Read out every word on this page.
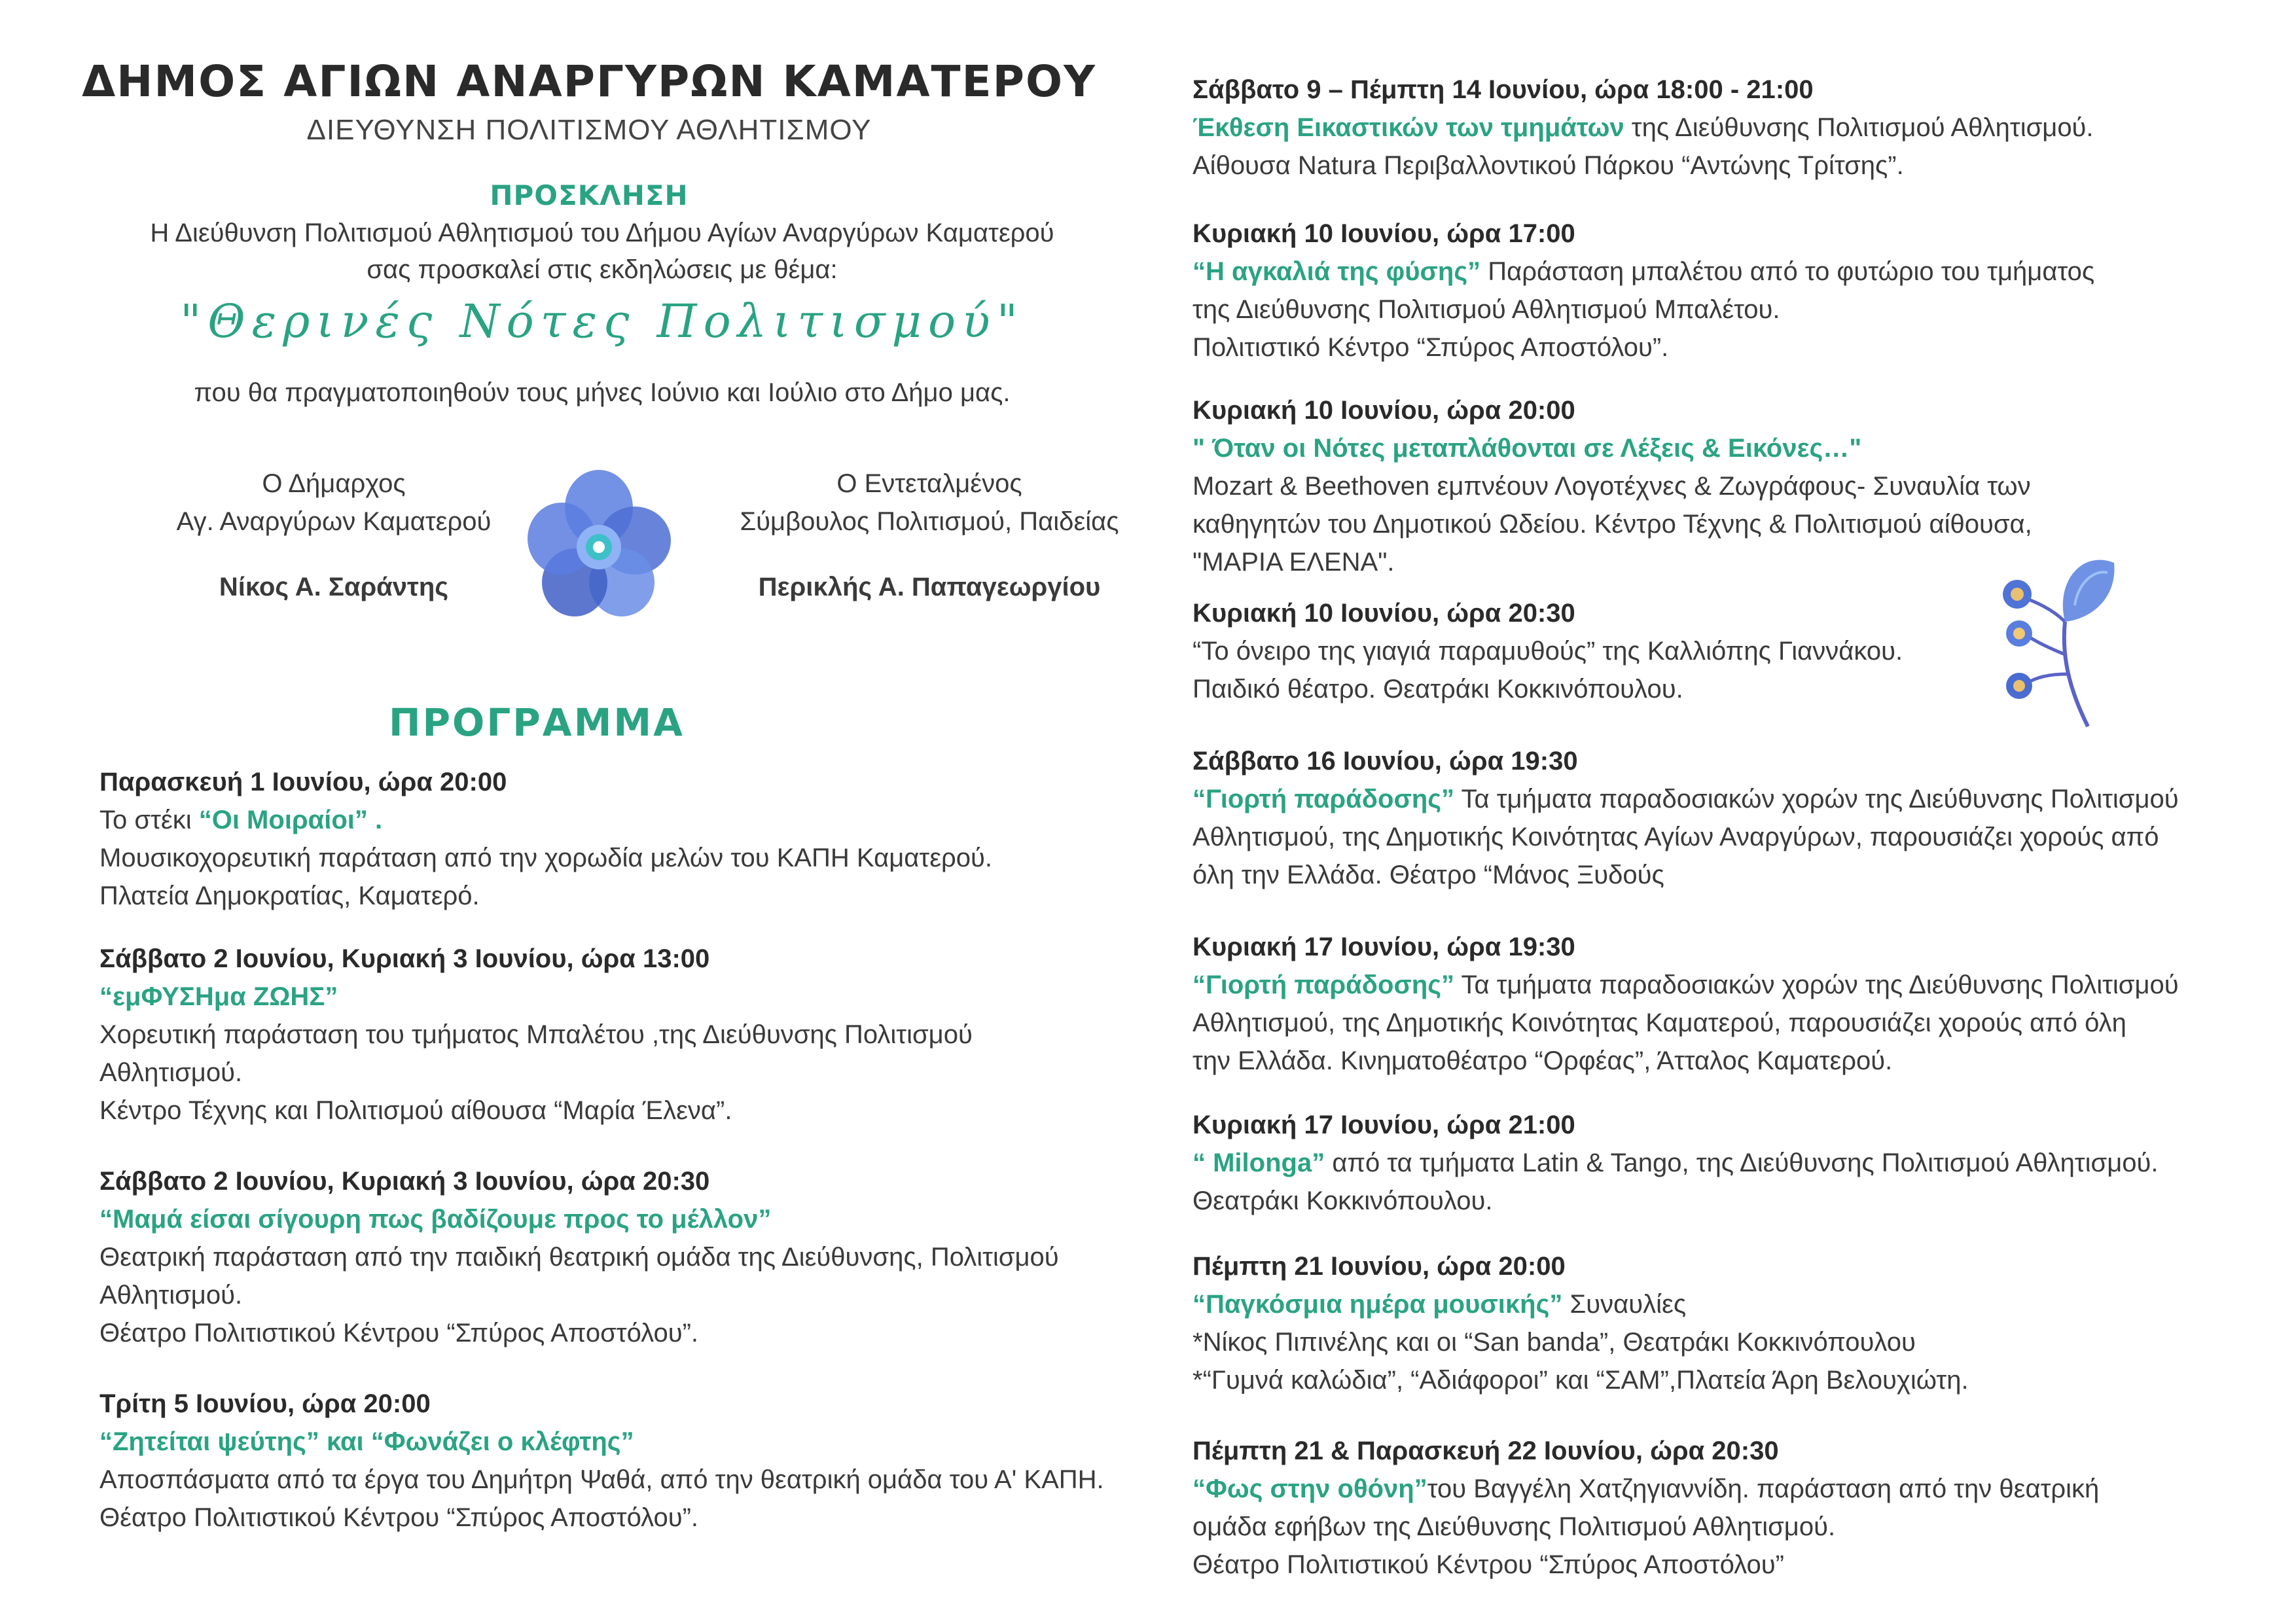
ΔΗΜΟΣ ΑΓΙΩΝ ΑΝΑΡΓΥΡΩΝ ΚΑΜΑΤΕΡΟΥ
ΔΙΕΥΘΥΝΣΗ ΠΟΛΙΤΙΣΜΟΥ ΑΘΛΗΤΙΣΜΟΥ
ΠΡΟΣΚΛΗΣΗ
Η Διεύθυνση Πολιτισμού Αθλητισμού του Δήμου Αγίων Αναργύρων Καματερού
σας προσκαλεί στις εκδηλώσεις με θέμα:
"Θερινές Νότες Πολιτισμού"
που θα πραγματοποιηθούν τους μήνες Ιούνιο και Ιούλιο στο Δήμο μας.
Ο Δήμαρχος
Αγ. Αναργύρων Καματερού
Νίκος Α. Σαράντης
Ο Εντεταλμένος
Σύμβουλος Πολιτισμού, Παιδείας
Περικλής Α. Παπαγεωργίου
ΠΡΟΓΡΑΜΜΑ
Παρασκευή 1 Ιουνίου, ώρα 20:00
Το στέκι “Οι Μοιραίοι” .
Μουσικοχορευτική παράταση από την χορωδία μελών του ΚΑΠΗ Καματερού.
Πλατεία Δημοκρατίας, Καματερό.
Σάββατο 2 Ιουνίου, Κυριακή 3 Ιουνίου, ώρα 13:00
“εμΦΥΣΗμα ΖΩΗΣ”
Χορευτική παράσταση του τμήματος Μπαλέτου ,της Διεύθυνσης Πολιτισμού
Αθλητισμού.
Κέντρο Τέχνης και Πολιτισμού αίθουσα “Μαρία Έλενα”.
Σάββατο 2 Ιουνίου, Κυριακή 3 Ιουνίου, ώρα 20:30
“Μαμά είσαι σίγουρη πως βαδίζουμε προς το μέλλον”
Θεατρική παράσταση από την παιδική θεατρική ομάδα της Διεύθυνσης, Πολιτισμού
Αθλητισμού.
Θέατρο Πολιτιστικού Κέντρου “Σπύρος Αποστόλου”.
Τρίτη 5 Ιουνίου, ώρα 20:00
“Ζητείται ψεύτης” και “Φωνάζει ο κλέφτης”
Αποσπάσματα από τα έργα του Δημήτρη Ψαθά, από την θεατρική ομάδα του Α' ΚΑΠΗ.
Θέατρο Πολιτιστικού Κέντρου “Σπύρος Αποστόλου”.
Σάββατο 9 – Πέμπτη 14 Ιουνίου, ώρα 18:00 - 21:00
Έκθεση Εικαστικών των τμημάτων της Διεύθυνσης Πολιτισμού Αθλητισμού.
Αίθουσα Natura Περιβαλλοντικού Πάρκου “Αντώνης Τρίτσης”.
Κυριακή 10 Ιουνίου, ώρα 17:00
“Η αγκαλιά της φύσης” Παράσταση μπαλέτου από το φυτώριο του τμήματος
της Διεύθυνσης Πολιτισμού Αθλητισμού Μπαλέτου.
Πολιτιστικό Κέντρο “Σπύρος Αποστόλου”.
Κυριακή 10 Ιουνίου, ώρα 20:00
" Όταν οι Νότες μεταπλάθονται σε Λέξεις & Εικόνες…"
Mozart & Beethoven εμπνέουν Λογοτέχνες & Ζωγράφους- Συναυλία των
καθηγητών του Δημοτικού Ωδείου. Κέντρο Τέχνης & Πολιτισμού αίθουσα,
"ΜΑΡΙΑ ΕΛΕΝΑ".
Κυριακή 10 Ιουνίου, ώρα 20:30
“Το όνειρο της γιαγιά παραμυθούς” της Καλλιόπης Γιαννάκου.
Παιδικό θέατρο. Θεατράκι Κοκκινόπουλου.
Σάββατο 16 Ιουνίου, ώρα 19:30
“Γιορτή παράδοσης” Τα τμήματα παραδοσιακών χορών της Διεύθυνσης Πολιτισμού
Αθλητισμού, της Δημοτικής Κοινότητας Αγίων Αναργύρων, παρουσιάζει χορούς από
όλη την Ελλάδα. Θέατρο “Μάνος Ξυδούς
Κυριακή 17 Ιουνίου, ώρα 19:30
“Γιορτή παράδοσης” Τα τμήματα παραδοσιακών χορών της Διεύθυνσης Πολιτισμού
Αθλητισμού, της Δημοτικής Κοινότητας Καματερού, παρουσιάζει χορούς από όλη
την Ελλάδα. Κινηματοθέατρο “Ορφέας”, Άτταλος Καματερού.
Κυριακή 17 Ιουνίου, ώρα 21:00
“ Milonga” από τα τμήματα Latin & Tango, της Διεύθυνσης Πολιτισμού Αθλητισμού.
Θεατράκι Κοκκινόπουλου.
Πέμπτη 21 Ιουνίου, ώρα 20:00
“Παγκόσμια ημέρα μουσικής” Συναυλίες
*Νίκος Πιπινέλης και οι “San banda”, Θεατράκι Κοκκινόπουλου
*“Γυμνά καλώδια”, “Αδιάφοροι” και “ΣΑΜ”,Πλατεία Άρη Βελουχιώτη.
Πέμπτη 21 & Παρασκευή 22 Ιουνίου, ώρα 20:30
“Φως στην οθόνη”του Βαγγέλη Χατζηγιαννίδη. παράσταση από την θεατρική
ομάδα εφήβων της Διεύθυνσης Πολιτισμού Αθλητισμού.
Θέατρο Πολιτιστικού Κέντρου “Σπύρος Αποστόλου”
